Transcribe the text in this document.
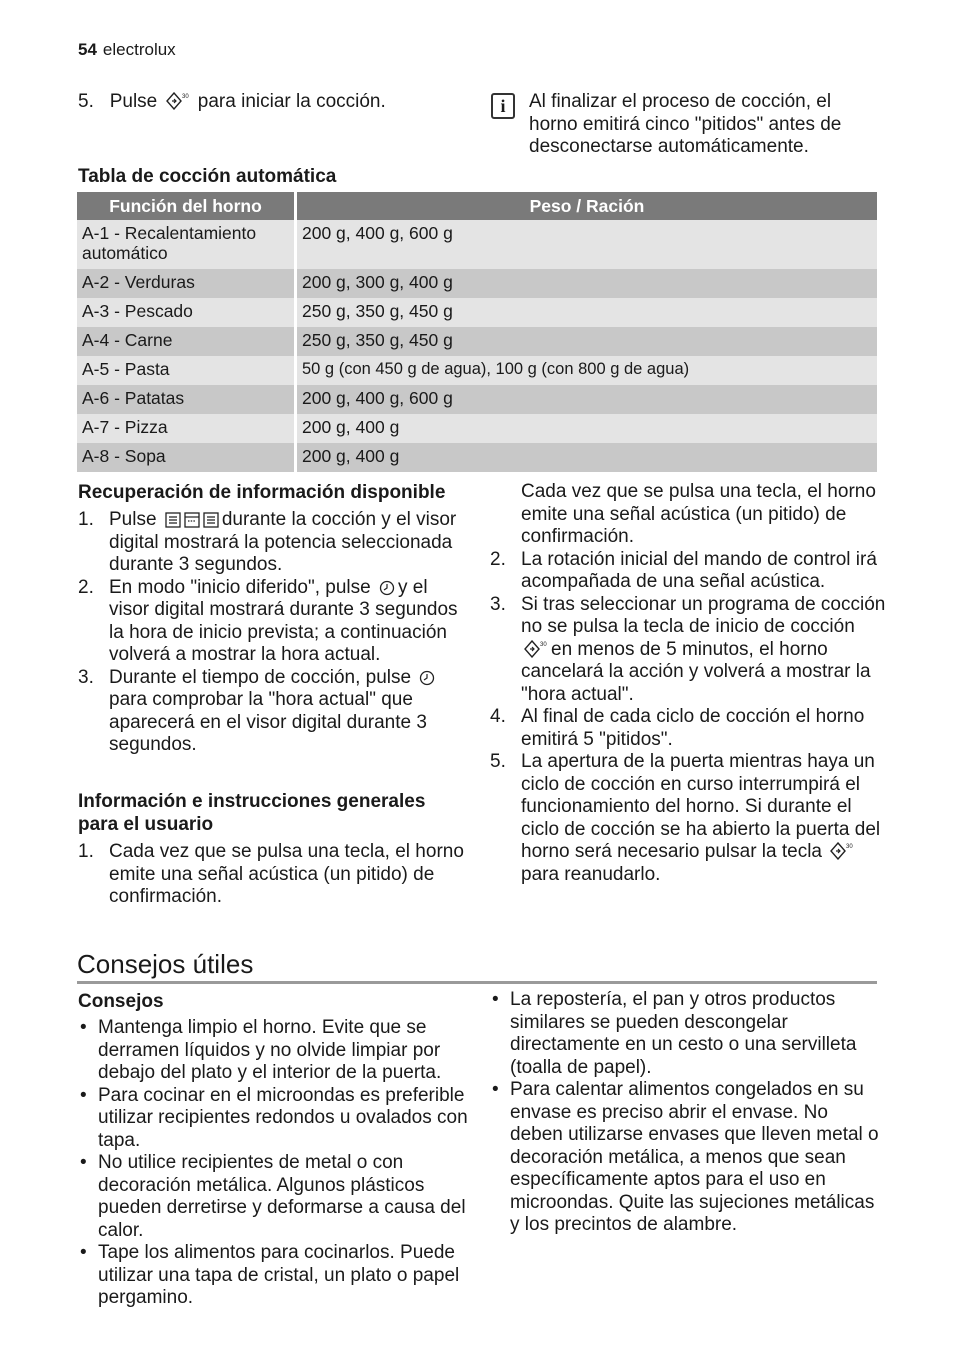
54 electrolux
5. Pulse	30 para iniciar la cocción.	i	Al finalizar el proceso de cocción, el horno emitirá cinco "pitidos" antes de desconectarse automáticamente.
Tabla de cocción automática
Función del horno	Peso / Ración
A-1 - Recalentamiento automático	200 g, 400 g, 600 g
A-2 - Verduras	200 g, 300 g, 400 g
A-3 - Pescado	250 g, 350 g, 450 g
A-4 - Carne	250 g, 350 g, 450 g
A-5 - Pasta	50 g (con 450 g de agua), 100 g (con 800 g de agua)
A-6 - Patatas	200 g, 400 g, 600 g
A-7 - Pizza	200 g, 400 g
A-8 - Sopa	200 g, 400 g
Recuperación de información disponible
1. Pulse	durante la cocción y el visor digital mostrará la potencia seleccionada durante 3 segundos.
2. En modo "inicio diferido", pulse y el visor digital mostrará durante 3 segundos la hora de inicio prevista; a continuación volverá a mostrar la hora actual.
3. Durante el tiempo de cocción, pulse para comprobar la "hora actual" que aparecerá en el visor digital durante 3 segundos.
Información e instrucciones generales para el usuario
1. Cada vez que se pulsa una tecla, el horno emite una señal acústica (un pitido) de confirmación.
Cada vez que se pulsa una tecla, el horno emite una señal acústica (un pitido) de confirmación.
2. La rotación inicial del mando de control irá acompañada de una señal acústica.
3. Si tras seleccionar un programa de cocción no se pulsa la tecla de inicio de cocción
30 en menos de 5 minutos, el horno cancelará la acción y volverá a mostrar la "hora actual".
4. Al final de cada ciclo de cocción el horno emitirá 5 "pitidos".
5. La apertura de la puerta mientras haya un ciclo de cocción en curso interrumpirá el funcionamiento del horno. Si durante el ciclo de cocción se ha abierto la puerta del horno será necesario pulsar la tecla	30
para reanudarlo.
Consejos útiles
Consejos
• Mantenga limpio el horno. Evite que se derramen líquidos y no olvide limpiar por debajo del plato y el interior de la puerta.
• Para cocinar en el microondas es preferible utilizar recipientes redondos u ovalados con tapa.
• No utilice recipientes de metal o con decoración metálica. Algunos plásticos pueden derretirse y deformarse a causa del calor.
• Tape los alimentos para cocinarlos. Puede utilizar una tapa de cristal, un plato o papel pergamino.
• La repostería, el pan y otros productos similares se pueden descongelar directamente en un cesto o una servilleta (toalla de papel).
• Para calentar alimentos congelados en su envase es preciso abrir el envase. No deben utilizarse envases que lleven metal o decoración metálica, a menos que sean específicamente aptos para el uso en microondas. Quite las sujeciones metálicas y los precintos de alambre.
